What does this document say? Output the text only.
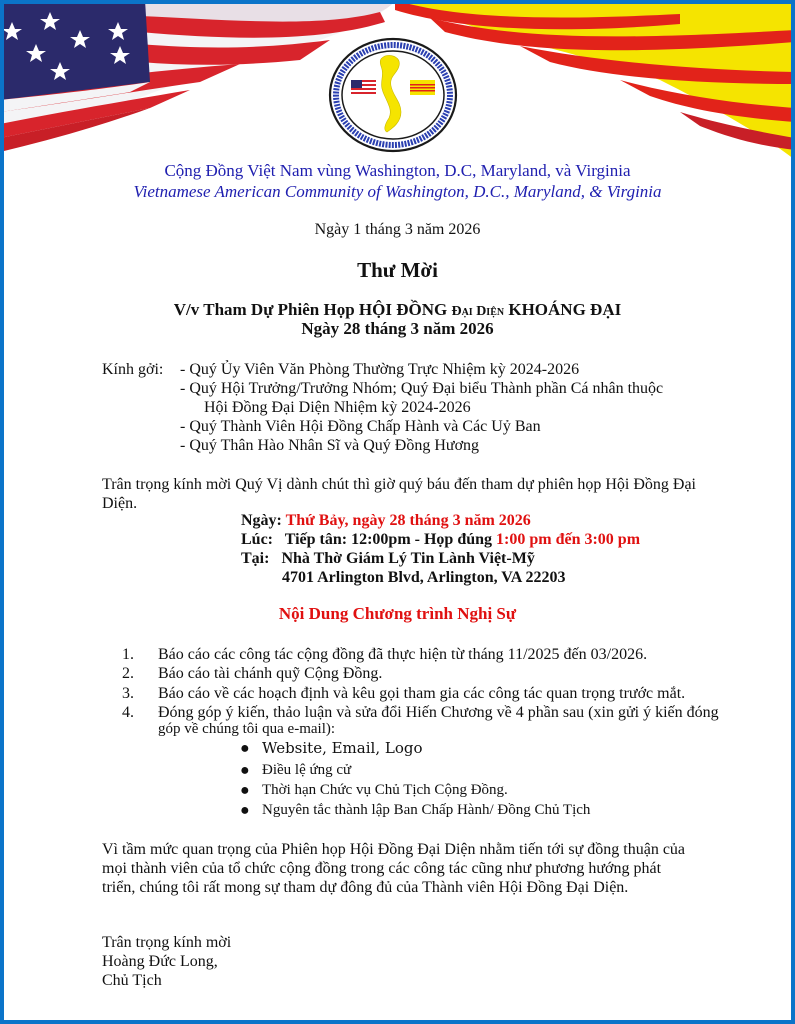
Cộng Đồng Việt Nam vùng Washington, D.C, Maryland, và Virginia
Vietnamese American Community of Washington, D.C., Maryland, & Virginia
Ngày 1 tháng 3 năm 2026
Thư Mời
V/v Tham Dự Phiên Họp HỘI ĐỒNG Đại Diện KHOÁNG ĐẠI
Ngày 28 tháng 3 năm 2026
Kính gởi: - Quý Ủy Viên Văn Phòng Thường Trực Nhiệm kỳ 2024-2026
- Quý Hội Trưởng/Trưởng Nhóm; Quý Đại biểu Thành phần Cá nhân thuộc
Hội Đồng Đại Diện Nhiệm kỳ 2024-2026
- Quý Thành Viên Hội Đồng Chấp Hành và Các Uỷ Ban
- Quý Thân Hào Nhân Sĩ và Quý Đồng Hương
Trân trọng kính mời Quý Vị dành chút thì giờ quý báu đến tham dự phiên họp Hội Đồng Đại
Diện.
Ngày: Thứ Bảy, ngày 28 tháng 3 năm 2026
Lúc:   Tiếp tân: 12:00pm - Họp đúng 1:00 pm đến 3:00 pm
Tại:   Nhà Thờ Giám Lý Tin Lành Việt-Mỹ
4701 Arlington Blvd, Arlington, VA 22203
Nội Dung Chương trình Nghị Sự
1. Báo cáo các công tác cộng đồng đã thực hiện từ tháng 11/2025 đến 03/2026.
2. Báo cáo tài chánh quỹ Cộng Đồng.
3. Báo cáo về các hoạch định và kêu gọi tham gia các công tác quan trọng trước mắt.
4. Đóng góp ý kiến, thảo luận và sửa đổi Hiến Chương về 4 phần sau (xin gửi ý kiến đóng
góp về chúng tôi qua e-mail):
● Website, Email, Logo
● Điều lệ ứng cử
● Thời hạn Chức vụ Chủ Tịch Cộng Đồng.
● Nguyên tắc thành lập Ban Chấp Hành/ Đồng Chủ Tịch
Vì tầm mức quan trọng của Phiên họp Hội Đồng Đại Diện nhằm tiến tới sự đồng thuận của
mọi thành viên của tổ chức cộng đồng trong các công tác cũng như phương hướng phát
triển, chúng tôi rất mong sự tham dự đông đủ của Thành viên Hội Đồng Đại Diện.
Trân trọng kính mời
Hoàng Đức Long,
Chủ Tịch
